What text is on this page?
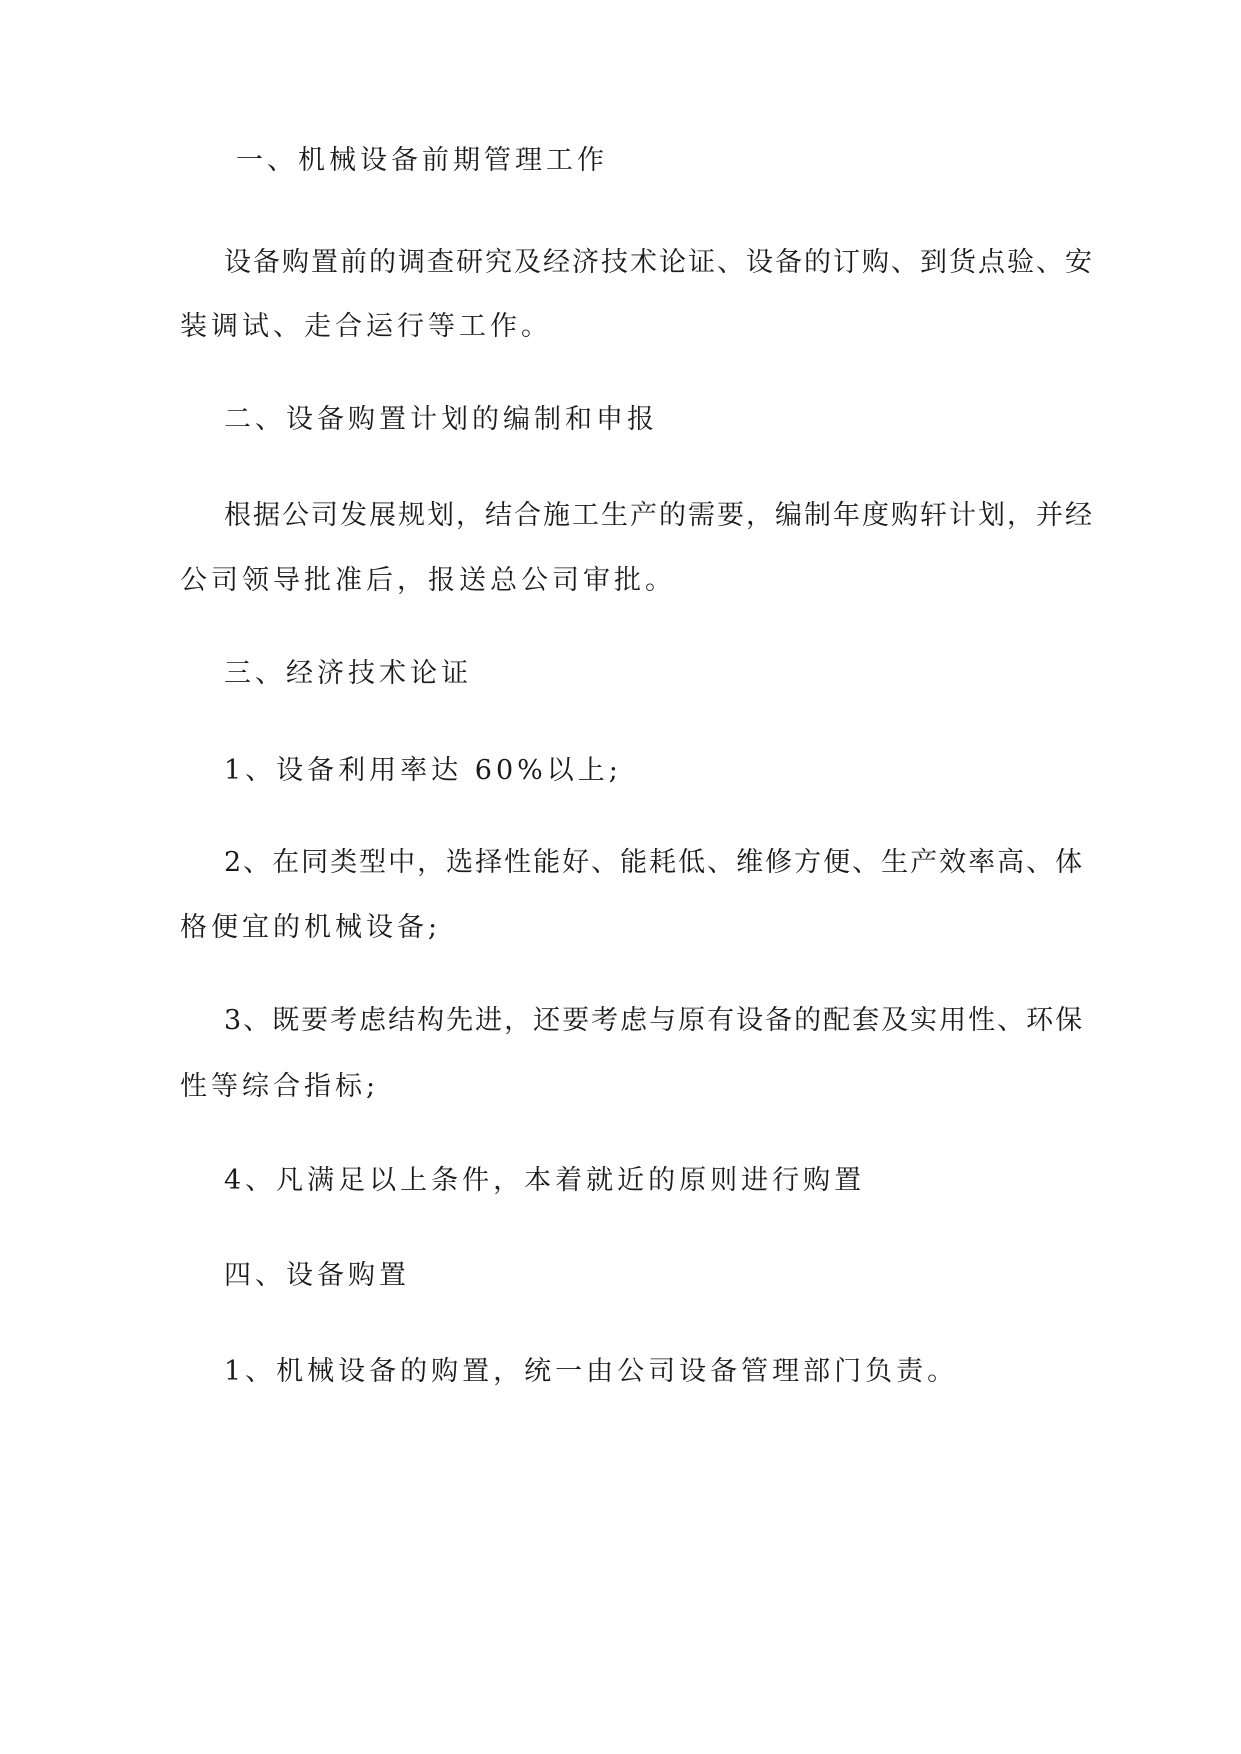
一、机械设备前期管理工作
设备购置前的调查研究及经济技术论证、设备的订购、到货点验、安
装调试、走合运行等工作。
二、设备购置计划的编制和申报
根据公司发展规划，结合施工生产的需要，编制年度购轩计划，并经
公司领导批准后，报送总公司审批。
三、经济技术论证
1、设备利用率达 60%以上;
2、在同类型中，选择性能好、能耗低、维修方便、生产效率高、体
格便宜的机械设备;
3、既要考虑结构先进，还要考虑与原有设备的配套及实用性、环保
性等综合指标;
4、凡满足以上条件，本着就近的原则进行购置
四、设备购置
1、机械设备的购置，统一由公司设备管理部门负责。
